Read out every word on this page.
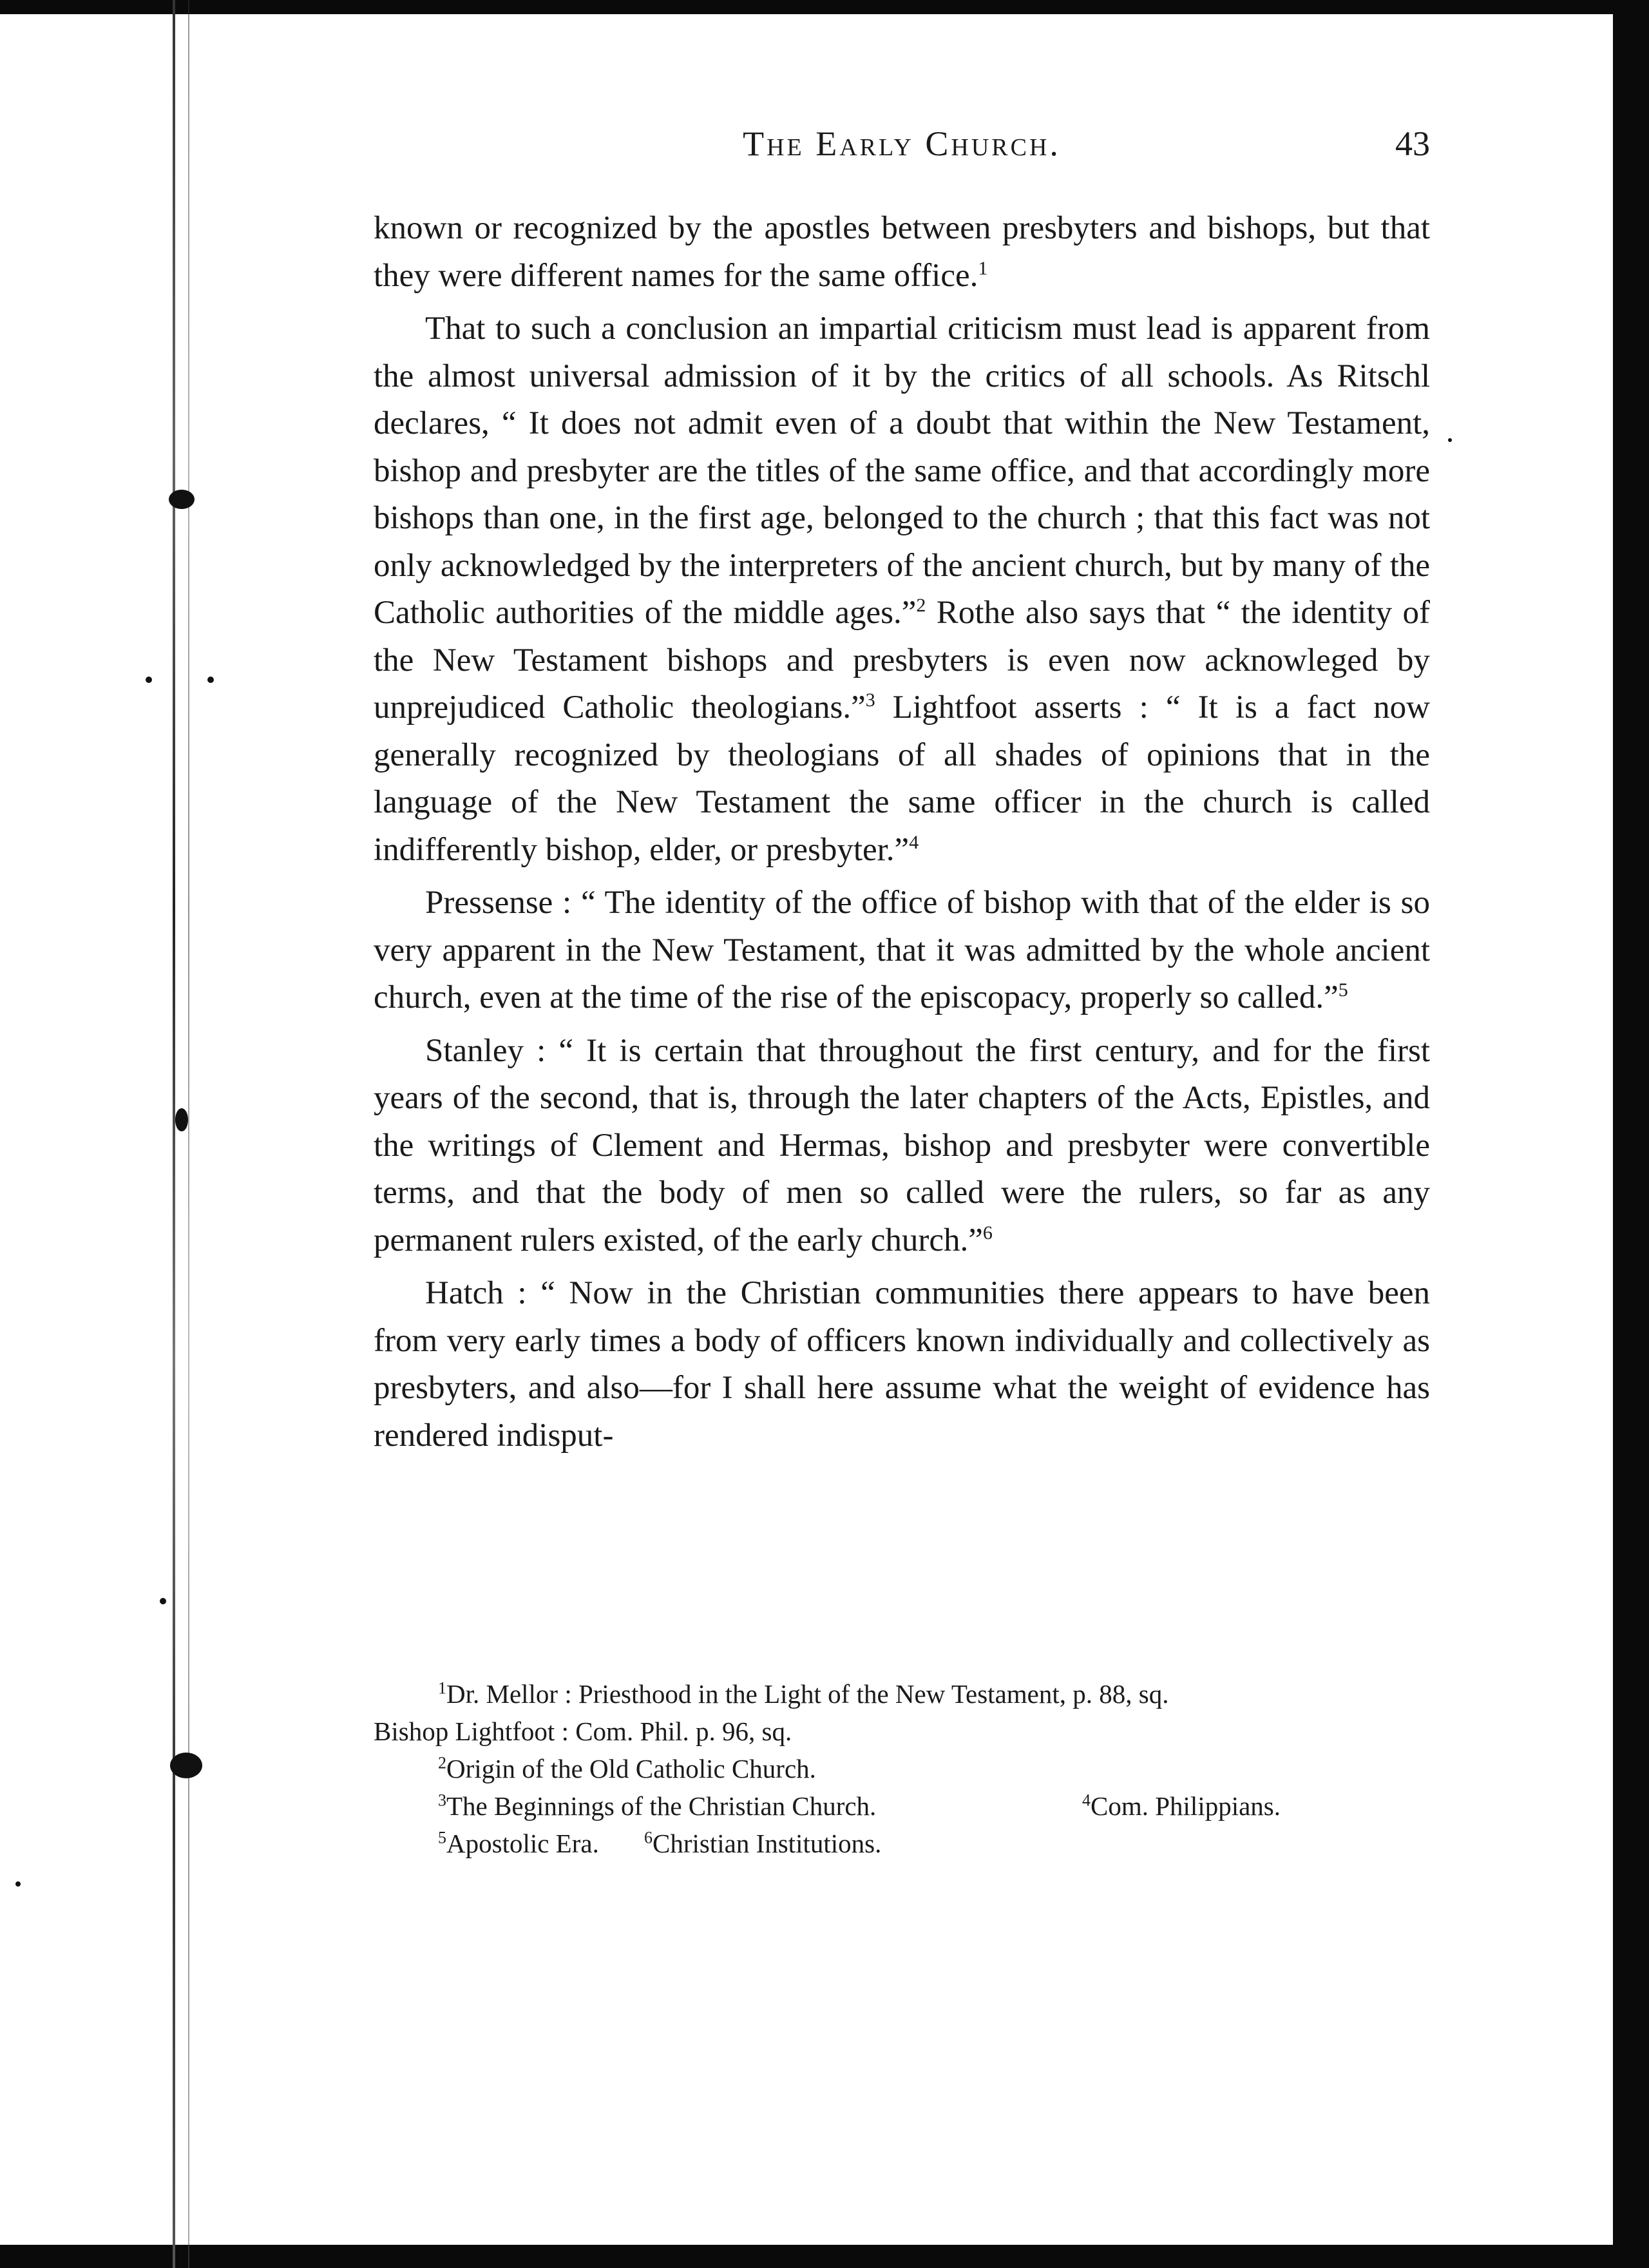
The Early Church.	43

known or recognized by the apostles between presbyters and bishops, but that they were different names for the same office.$^1$

That to such a conclusion an impartial criticism must lead is apparent from the almost universal admission of it by the critics of all schools. As Ritschl declares, “ It does not admit even of a doubt that within the New Testament, bishop and presbyter are the titles of the same office, and that accordingly more bishops than one, in the first age, belonged to the church ; that this fact was not only acknowledged by the interpreters of the ancient church, but by many of the Catholic authorities of the middle ages.”$^2$ Rothe also says that “ the identity of the New Testament bishops and presbyters is even now acknowleged by unprejudiced Catholic theologians.”$^3$ Lightfoot asserts : “ It is a fact now generally recognized by theologians of all shades of opinions that in the language of the New Testament the same officer in the church is called indifferently bishop, elder, or presbyter.”$^4$

Pressense : “ The identity of the office of bishop with that of the elder is so very apparent in the New Testament, that it was admitted by the whole ancient church, even at the time of the rise of the episcopacy, properly so called.”$^5$

Stanley : “ It is certain that throughout the first century, and for the first years of the second, that is, through the later chapters of the Acts, Epistles, and the writings of Clement and Hermas, bishop and presbyter were convertible terms, and that the body of men so called were the rulers, so far as any permanent rulers existed, of the early church.”$^6$

Hatch : “ Now in the Christian communities there appears to have been from very early times a body of officers known individually and collectively as presbyters, and also—for I shall here assume what the weight of evidence has rendered indisput-

$^1$Dr. Mellor : Priesthood in the Light of the New Testament, p. 88, sq.

Bishop Lightfoot : Com. Phil. p. 96, sq.

$^2$Origin of the Old Catholic Church.

$^3$The Beginnings of the Christian Church.	$^4$Com. Philippians.
$^5$Apostolic Era.	$^6$Christian Institutions.
